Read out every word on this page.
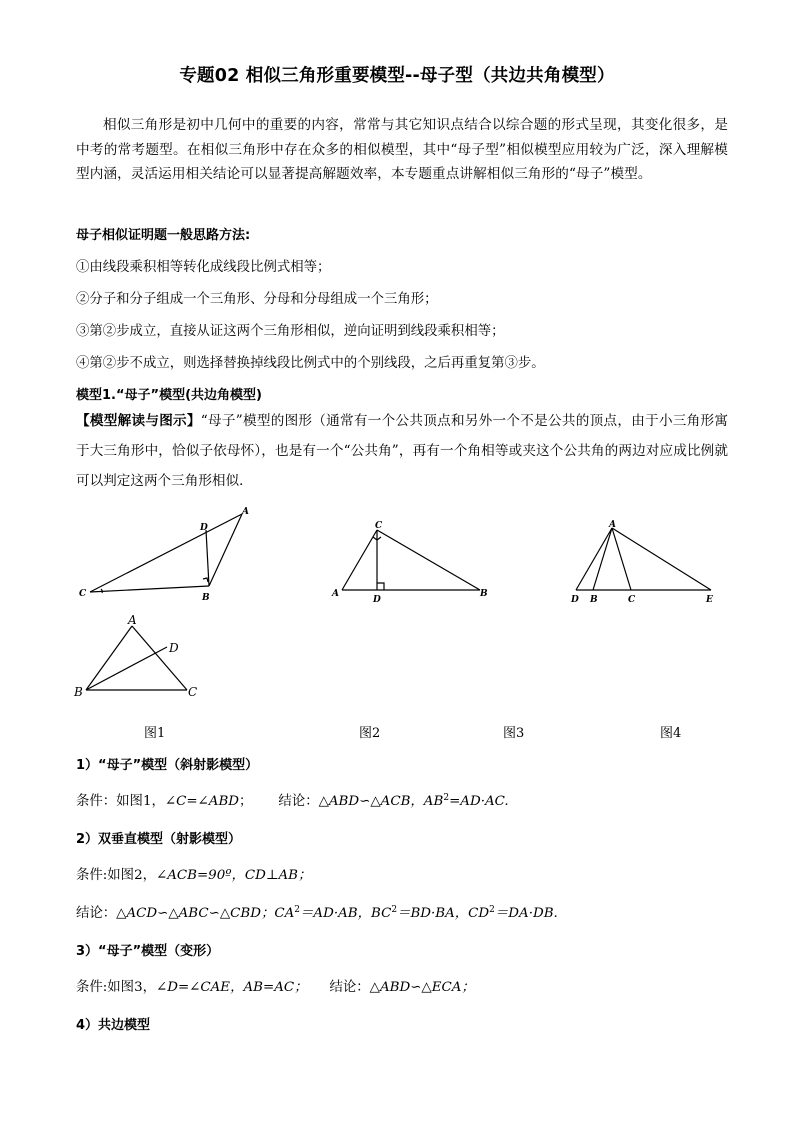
专题02 相似三角形重要模型--母子型（共边共角模型）
相似三角形是初中几何中的重要的内容，常常与其它知识点结合以综合题的形式呈现，其变化很多，是中考的常考题型。在相似三角形中存在众多的相似模型，其中“母子型”相似模型应用较为广泛，深入理解模型内涵，灵活运用相关结论可以显著提高解题效率，本专题重点讲解相似三角形的“母子”模型。
母子相似证明题一般思路方法:
①由线段乘积相等转化成线段比例式相等；
②分子和分子组成一个三角形、分母和分母组成一个三角形；
③第②步成立，直接从证这两个三角形相似，逆向证明到线段乘积相等；
④第②步不成立，则选择替换掉线段比例式中的个别线段，之后再重复第③步。
模型1.“母子”模型(共边角模型)
【模型解读与图示】“母子”模型的图形（通常有一个公共顶点和另外一个不是公共的顶点，由于小三角形寓于大三角形中，恰似子依母怀），也是有一个“公共角”，再有一个角相等或夹这个公共角的两边对应成比例就可以判定这两个三角形相似．
C	B
D
A
A
D
C
B
A
D B	C	E
A
D
B	C
图1	图2	图3	图4
1）“母子”模型（斜射影模型）
条件：如图1，∠C=∠ABD； 结论：△ABD∽△ACB，$AB^2=AD\cdot AC$.
2）双垂直模型（射影模型）
条件:如图2，∠ACB=90º，CD⊥AB；
结论：△ACD∽△ABC∽△CBD；$CA^2=AD\cdot AB$，$BC^2=BD\cdot BA$，$CD^2=DA\cdot DB$.
3）“母子”模型（变形）
条件:如图3，∠D=∠CAE，AB=AC； 结论：△ABD∽△ECA；
4）共边模型
